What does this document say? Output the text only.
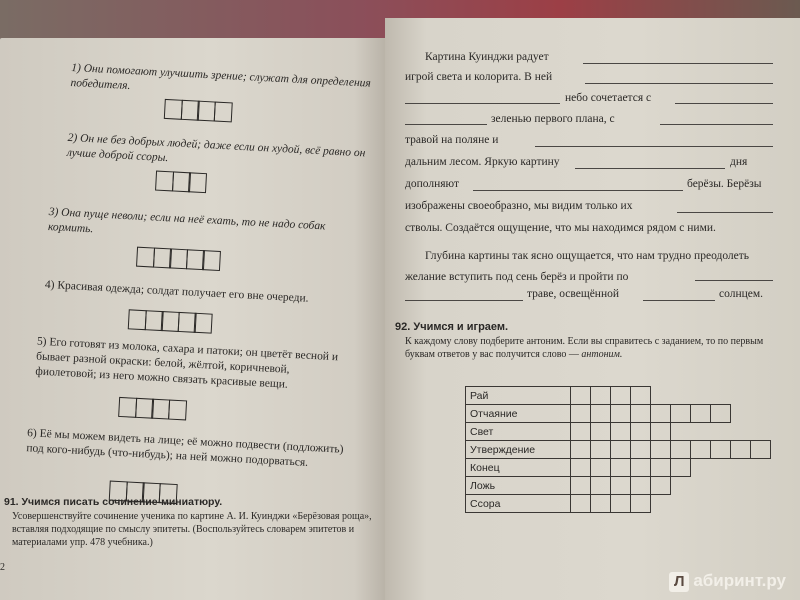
1) Они помогают улучшить зрение; служат для определения победителя.
2) Он не без добрых людей; даже если он худой, всё равно он лучше доброй ссоры.
3) Она пуще неволи; если на неё ехать, то не надо собак кормить.
4) Красивая одежда; солдат получает его вне очереди.
5) Его готовят из молока, сахара и патоки; он цветёт весной и бывает разной окраски: белой, жёлтой, коричневой, фиолетовой; из него можно связать красивые вещи.
6) Её мы можем видеть на лице; её можно подвести (подложить) под кого-нибудь (что-нибудь); на ней можно подорваться.
91. Учимся писать сочинение-миниатюру.
Усовершенствуйте сочинение ученика по картине А. И. Куинджи «Берёзовая роща», вставляя подходящие по смыслу эпитеты. (Воспользуйтесь словарем эпитетов и материалами упр. 478 учебника.)
2
Картина Куинджи радует
игрой света и колорита. В ней
небо сочетается с
зеленью первого плана, с
травой на поляне и
дальним лесом. Яркую картину	дня
дополняют	берёзы. Берёзы
изображены своеобразно, мы видим только их
стволы. Создаётся ощущение, что мы находимся рядом с ними.
Глубина картины так ясно ощущается, что нам трудно преодолеть желание вступить под сень берёз и пройти по
траве, освещённой	солнцем.
92. Учимся и играем.
К каждому слову подберите антоним. Если вы справитесь с заданием, то по первым буквам ответов у вас получится слово — антоним.
Рай										
Отчаяние										
Свет										
Утверждение										
Конец										
Ложь										
Ссора										
Л абиринт.ру
